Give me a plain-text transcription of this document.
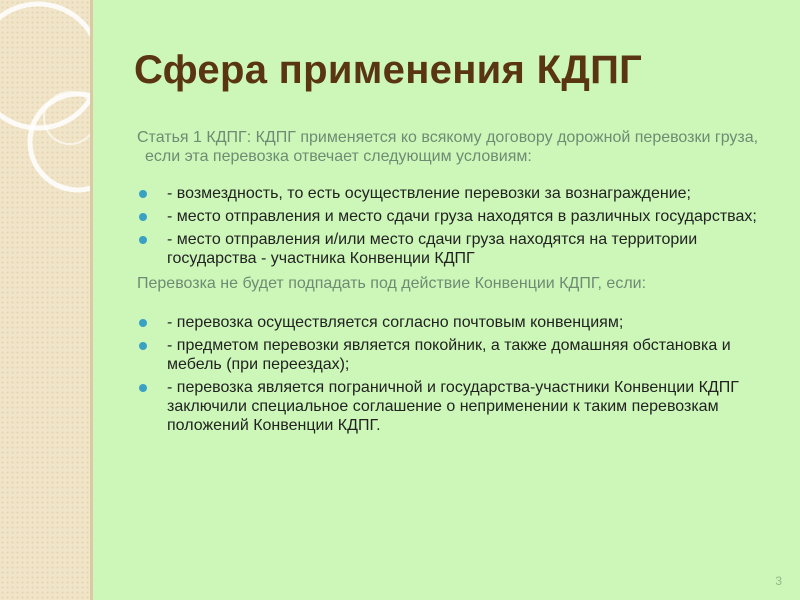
Сфера применения КДПГ
Статья 1 КДПГ: КДПГ применяется ко всякому договору дорожной перевозки груза, если эта перевозка отвечает следующим условиям:
- возмездность, то есть осуществление перевозки за вознаграждение;
- место отправления и место сдачи груза находятся в различных государствах;
- место отправления и/или место сдачи груза находятся на территории государства - участника Конвенции КДПГ
Перевозка не будет подпадать под действие Конвенции КДПГ, если:
- перевозка осуществляется согласно почтовым конвенциям;
- предметом перевозки является покойник, а также домашняя обстановка и мебель (при переездах);
- перевозка является пограничной и государства-участники Конвенции КДПГ заключили специальное соглашение о неприменении к таким перевозкам положений Конвенции КДПГ.
3
